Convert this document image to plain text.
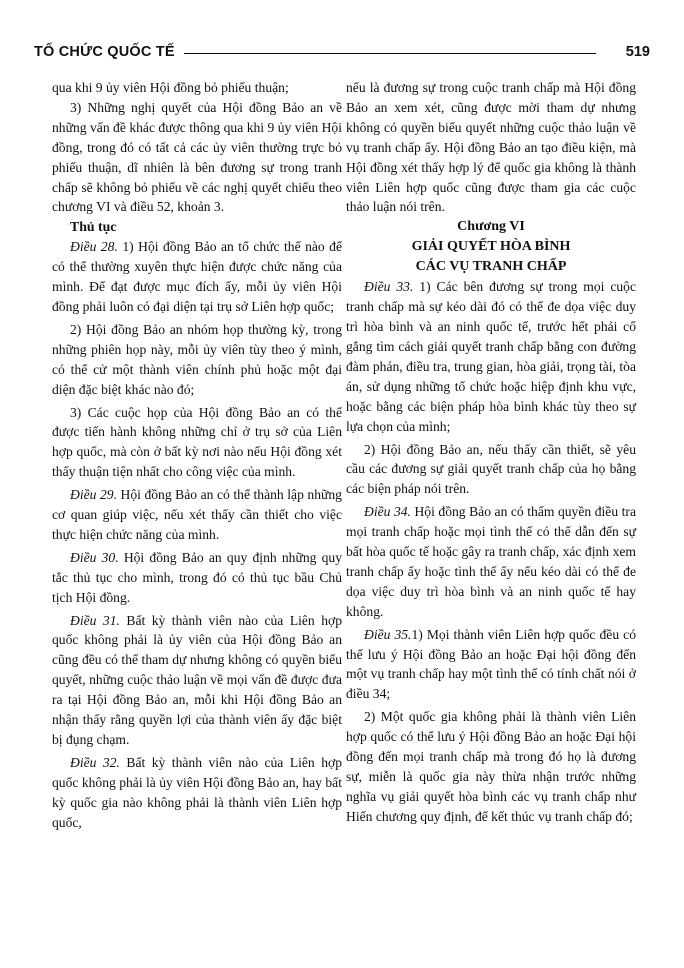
TỔ CHỨC QUỐC TẾ	519

qua khi 9 ủy viên Hội đồng bỏ phiếu thuận;

3) Những nghị quyết của Hội đồng Bảo an về những vấn đề khác được thông qua khi 9 ủy viên Hội đồng, trong đó có tất cả các ủy viên thường trực bỏ phiếu thuận, dĩ nhiên là bên đương sự trong tranh chấp sẽ không bỏ phiếu về các nghị quyết chiểu theo chương VI và điều 52, khoản 3.

Thủ tục

Điều 28. 1) Hội đồng Bảo an tổ chức thế nào để có thể thường xuyên thực hiện được chức năng của mình. Để đạt được mục đích ấy, mỗi ủy viên Hội đồng phải luôn có đại diện tại trụ sở Liên hợp quốc;

2) Hội đồng Bảo an nhóm họp thường kỳ, trong những phiên họp này, mỗi ủy viên tùy theo ý mình, có thể cử một thành viên chính phủ hoặc một đại diện đặc biệt khác nào đó;

3) Các cuộc họp của Hội đồng Bảo an có thể được tiến hành không những chỉ ở trụ sở của Liên hợp quốc, mà còn ở bất kỳ nơi nào nếu Hội đồng xét thấy thuận tiện nhất cho công việc của mình.

Điều 29. Hội đồng Bảo an có thể thành lập những cơ quan giúp việc, nếu xét thấy cần thiết cho việc thực hiện chức năng của mình.

Điều 30. Hội đồng Bảo an quy định những quy tắc thủ tục cho mình, trong đó có thủ tục bầu Chủ tịch Hội đồng.

Điều 31. Bất kỳ thành viên nào của Liên hợp quốc không phải là ủy viên của Hội đồng Bảo an cũng đều có thể tham dự nhưng không có quyền biểu quyết, những cuộc thảo luận về mọi vấn đề được đưa ra tại Hội đồng Bảo an, mỗi khi Hội đồng Bảo an nhận thấy rằng quyền lợi của thành viên ấy đặc biệt bị đụng chạm.

Điều 32. Bất kỳ thành viên nào của Liên hợp quốc không phải là ủy viên Hội đồng Bảo an, hay bất kỳ quốc gia nào không phải là thành viên Liên hợp quốc,

nếu là đương sự trong cuộc tranh chấp mà Hội đồng Bảo an xem xét, cũng được mời tham dự nhưng không có quyền biểu quyết những cuộc thảo luận về vụ tranh chấp ấy. Hội đồng Bảo an tạo điều kiện, mà Hội đồng xét thấy hợp lý để quốc gia không là thành viên Liên hợp quốc cũng được tham gia các cuộc thảo luận nói trên.

Chương VI

GIẢI QUYẾT HÒA BÌNH

CÁC VỤ TRANH CHẤP

Điều 33. 1) Các bên đương sự trong mọi cuộc tranh chấp mà sự kéo dài đó có thể đe dọa việc duy trì hòa bình và an ninh quốc tế, trước hết phải cố gắng tìm cách giải quyết tranh chấp bằng con đường đàm phán, điều tra, trung gian, hòa giải, trọng tài, tòa án, sử dụng những tổ chức hoặc hiệp định khu vực, hoặc bằng các biện pháp hòa bình khác tùy theo sự lựa chọn của mình;

2) Hội đồng Bảo an, nếu thấy cần thiết, sẽ yêu cầu các đương sự giải quyết tranh chấp của họ bằng các biện pháp nói trên.

Điều 34. Hội đồng Bảo an có thẩm quyền điều tra mọi tranh chấp hoặc mọi tình thế có thể dẫn đến sự bất hòa quốc tế hoặc gây ra tranh chấp, xác định xem tranh chấp ấy hoặc tình thế ấy nếu kéo dài có thể đe dọa việc duy trì hòa bình và an ninh quốc tế hay không.

Điều 35.1) Mọi thành viên Liên hợp quốc đều có thể lưu ý Hội đồng Bảo an hoặc Đại hội đồng đến một vụ tranh chấp hay một tình thế có tính chất nói ở điều 34;

2) Một quốc gia không phải là thành viên Liên hợp quốc có thể lưu ý Hội đồng Bảo an hoặc Đại hội đồng đến mọi tranh chấp mà trong đó họ là đương sự, miễn là quốc gia này thừa nhận trước những nghĩa vụ giải quyết hòa bình các vụ tranh chấp như Hiến chương quy định, để kết thúc vụ tranh chấp đó;
